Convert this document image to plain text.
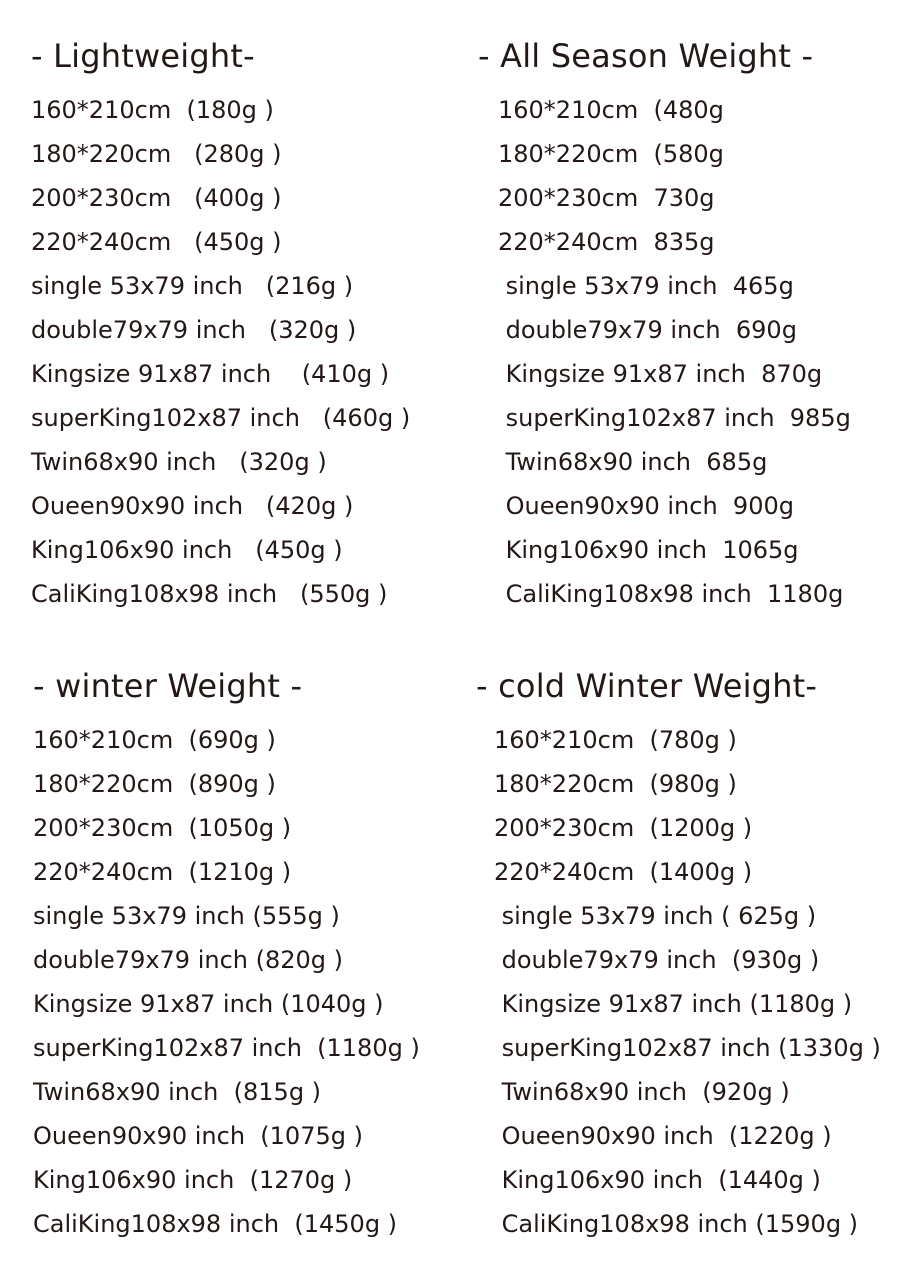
- Lightweight-
160*210cm  (180g )
180*220cm   (280g )
200*230cm   (400g )
220*240cm   (450g )
single 53x79 inch   (216g )
double79x79 inch   (320g )
Kingsize 91x87 inch    (410g )
superKing102x87 inch   (460g )
Twin68x90 inch   (320g )
Oueen90x90 inch   (420g )
King106x90 inch   (450g )
CaliKing108x98 inch   (550g )
- All Season Weight -
160*210cm  (480g
180*220cm  (580g
200*230cm  730g
220*240cm  835g
single 53x79 inch  465g
double79x79 inch  690g
Kingsize 91x87 inch  870g
superKing102x87 inch  985g
Twin68x90 inch  685g
Oueen90x90 inch  900g
King106x90 inch  1065g
CaliKing108x98 inch  1180g
- winter Weight -
160*210cm  (690g )
180*220cm  (890g )
200*230cm  (1050g )
220*240cm  (1210g )
single 53x79 inch (555g )
double79x79 inch (820g )
Kingsize 91x87 inch (1040g )
superKing102x87 inch  (1180g )
Twin68x90 inch  (815g )
Oueen90x90 inch  (1075g )
King106x90 inch  (1270g )
CaliKing108x98 inch  (1450g )
- cold Winter Weight-
160*210cm  (780g )
180*220cm  (980g )
200*230cm  (1200g )
220*240cm  (1400g )
single 53x79 inch ( 625g )
double79x79 inch  (930g )
Kingsize 91x87 inch (1180g )
superKing102x87 inch (1330g )
Twin68x90 inch  (920g )
Oueen90x90 inch  (1220g )
King106x90 inch  (1440g )
CaliKing108x98 inch (1590g )
